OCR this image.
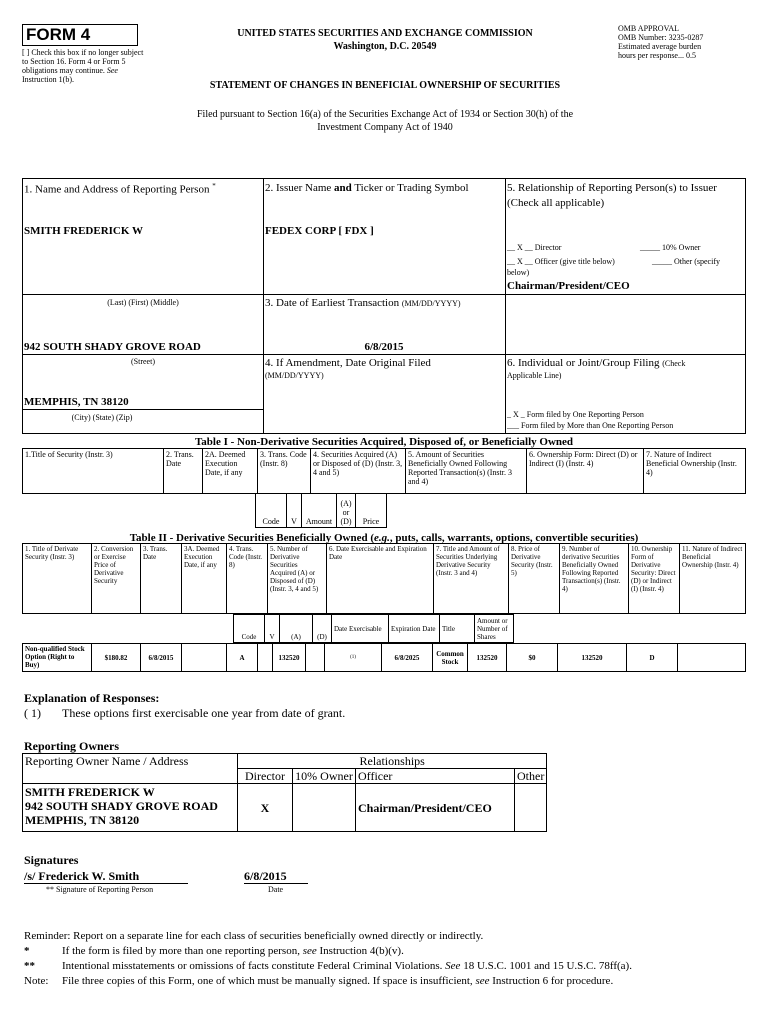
FORM 4
[ ] Check this box if no longer subject to Section 16. Form 4 or Form 5 obligations may continue. See Instruction 1(b).
UNITED STATES SECURITIES AND EXCHANGE COMMISSION
Washington, D.C. 20549
OMB APPROVAL
OMB Number: 3235-0287
Estimated average burden
hours per response... 0.5
STATEMENT OF CHANGES IN BENEFICIAL OWNERSHIP OF SECURITIES
Filed pursuant to Section 16(a) of the Securities Exchange Act of 1934 or Section 30(h) of the
Investment Company Act of 1940
1. Name and Address of Reporting Person *
SMITH FREDERICK W
(Last) (First) (Middle)
942 SOUTH SHADY GROVE ROAD
(Street)
MEMPHIS, TN 38120
(City) (State) (Zip)
2. Issuer Name and Ticker or Trading Symbol
FEDEX CORP [ FDX ]
3. Date of Earliest Transaction (MM/DD/YYYY)
6/8/2015
4. If Amendment, Date Original Filed
(MM/DD/YYYY)
5. Relationship of Reporting Person(s) to Issuer
(Check all applicable)
__ X __ Director	_____ 10% Owner
__ X __ Officer (give title below)	_____ Other (specify
below)
Chairman/President/CEO
6. Individual or Joint/Group Filing (Check
Applicable Line)
_ X _ Form filed by One Reporting Person
___ Form filed by More than One Reporting Person
Table I - Non-Derivative Securities Acquired, Disposed of, or Beneficially Owned
1.Title of Security (Instr. 3)	2. Trans. Date	2A. Deemed Execution Date, if any	3. Trans. Code (Instr. 8)	4. Securities Acquired (A) or Disposed of (D) (Instr. 3, 4 and 5)	5. Amount of Securities Beneficially Owned Following Reported Transaction(s) (Instr. 3 and 4)	6. Ownership Form: Direct (D) or Indirect (I) (Instr. 4)	7. Nature of Indirect Beneficial Ownership (Instr. 4)
Code	V	Amount	(A) or (D)	Price
Table II - Derivative Securities Beneficially Owned (e.g., puts, calls, warrants, options, convertible securities)
1. Title of Derivate Security (Instr. 3)	2. Conversion or Exercise Price of Derivative Security	3. Trans. Date	3A. Deemed Execution Date, if any	4. Trans. Code (Instr. 8)	5. Number of Derivative Securities Acquired (A) or Disposed of (D) (Instr. 3, 4 and 5)	6. Date Exercisable and Expiration Date	7. Title and Amount of Securities Underlying Derivative Security (Instr. 3 and 4)	8. Price of Derivative Security (Instr. 5)	9. Number of derivative Securities Beneficially Owned Following Reported Transaction(s) (Instr. 4)	10. Ownership Form of Derivative Security: Direct (D) or Indirect (I) (Instr. 4)	11. Nature of Indirect Beneficial Ownership (Instr. 4)
Code	V	(A)	(D)	Date Exercisable	Expiration Date	Title	Amount or Number of Shares
Non-qualified Stock Option (Right to Buy)	$180.82	6/8/2015		A		132520		(1)	6/8/2025	Common Stock	132520	$0	132520	D	
Explanation of Responses:
( 1) These options first exercisable one year from date of grant.
Reporting Owners
Reporting Owner Name / Address	Relationships			
	Director	10% Owner	Officer	Other

SMITH FREDERICK W
942 SOUTH SHADY GROVE ROAD
MEMPHIS, TN 38120	X		Chairman/President/CEO	
Signatures
/s/ Frederick W. Smith
** Signature of Reporting Person
6/8/2015
Date
Reminder: Report on a separate line for each class of securities beneficially owned directly or indirectly.
*	If the form is filed by more than one reporting person, see Instruction 4(b)(v).
** Intentional misstatements or omissions of facts constitute Federal Criminal Violations. See 18 U.S.C. 1001 and 15 U.S.C. 78ff(a).
Note: File three copies of this Form, one of which must be manually signed. If space is insufficient, see Instruction 6 for procedure.
